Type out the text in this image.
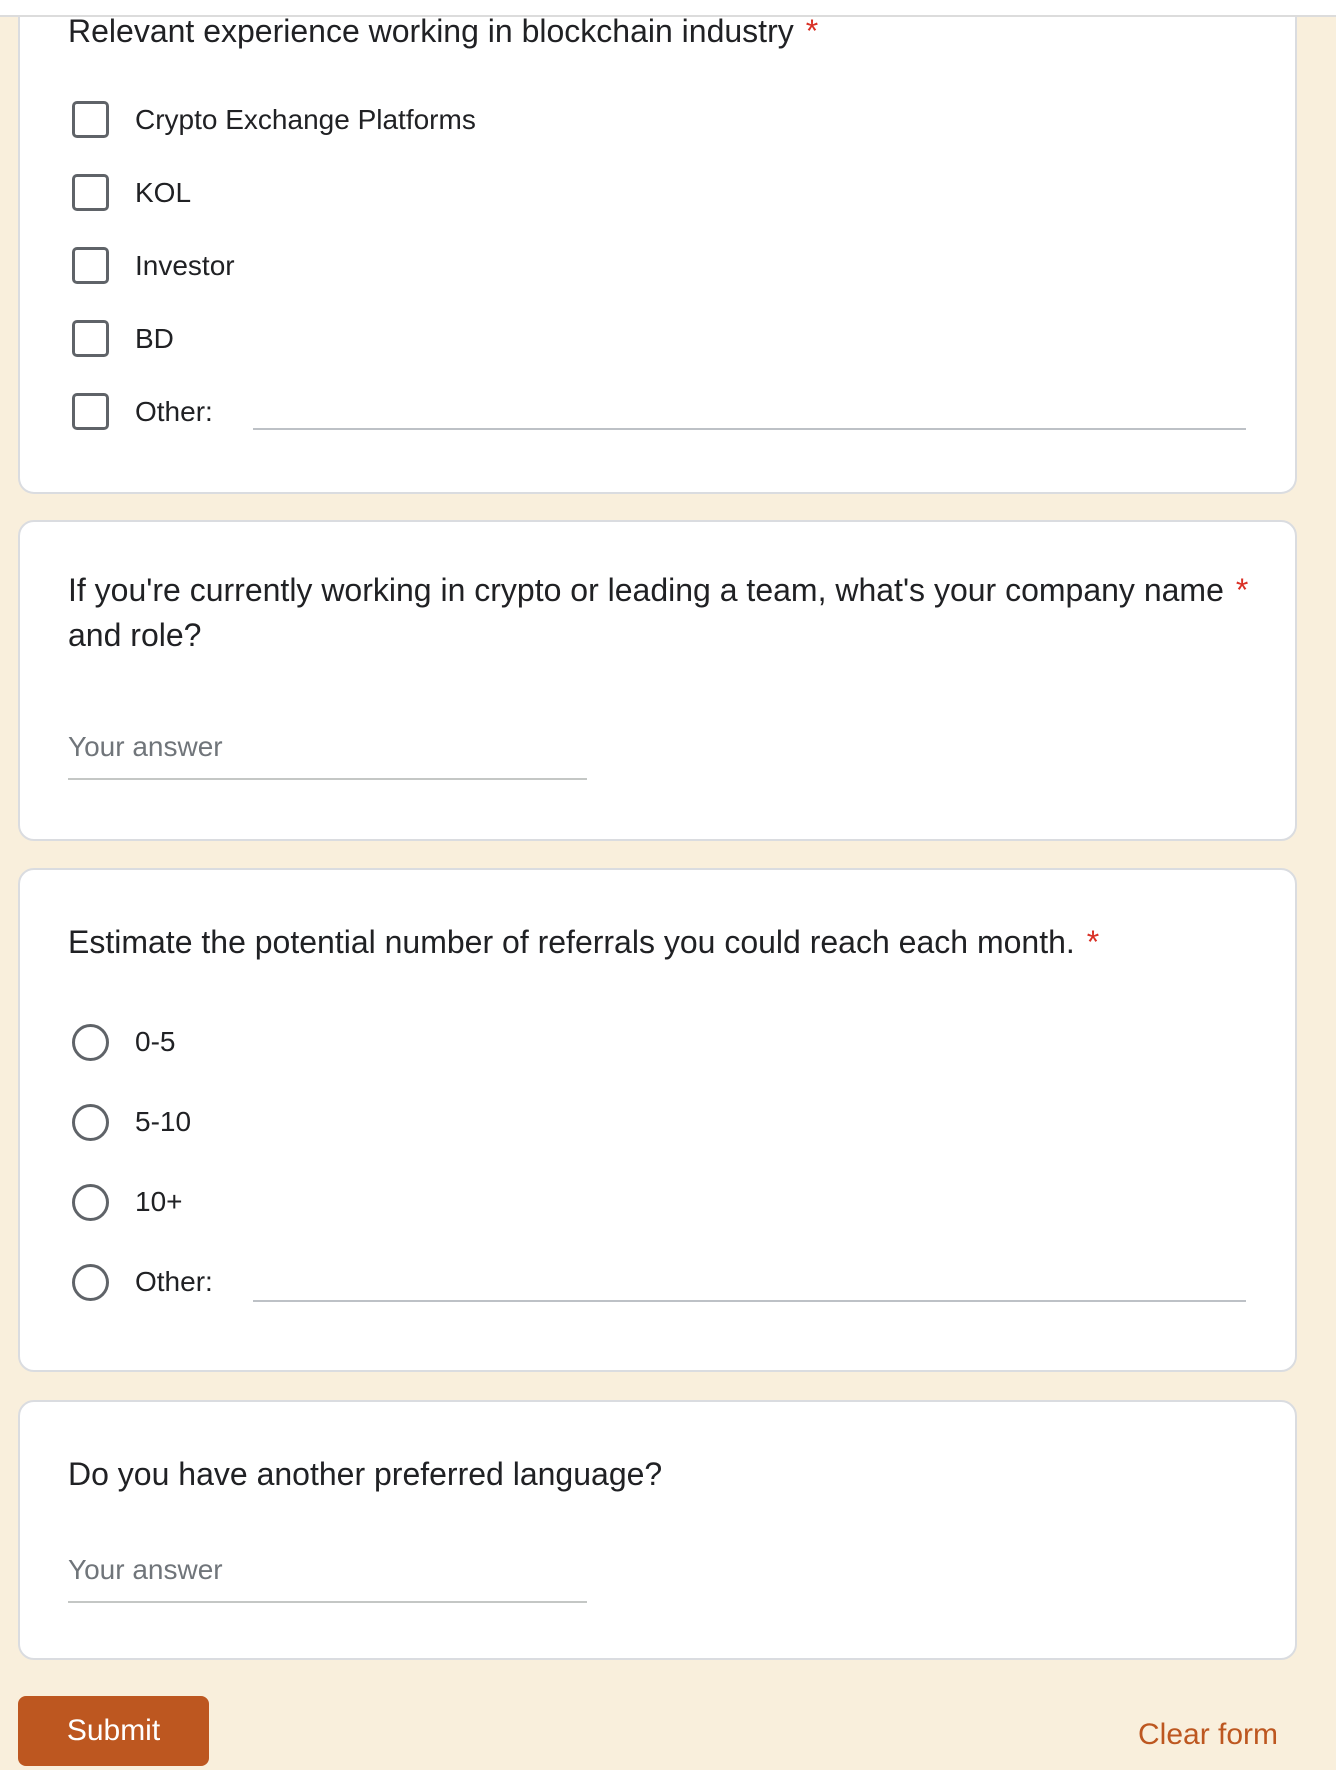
Relevant experience working in blockchain industry *
Crypto Exchange Platforms
KOL
Investor
BD
Other:
If you're currently working in crypto or leading a team, what's your company name *
and role?
Your answer
Estimate the potential number of referrals you could reach each month. *
0-5
5-10
10+
Other:
Do you have another preferred language?
Your answer
Submit	Clear form
